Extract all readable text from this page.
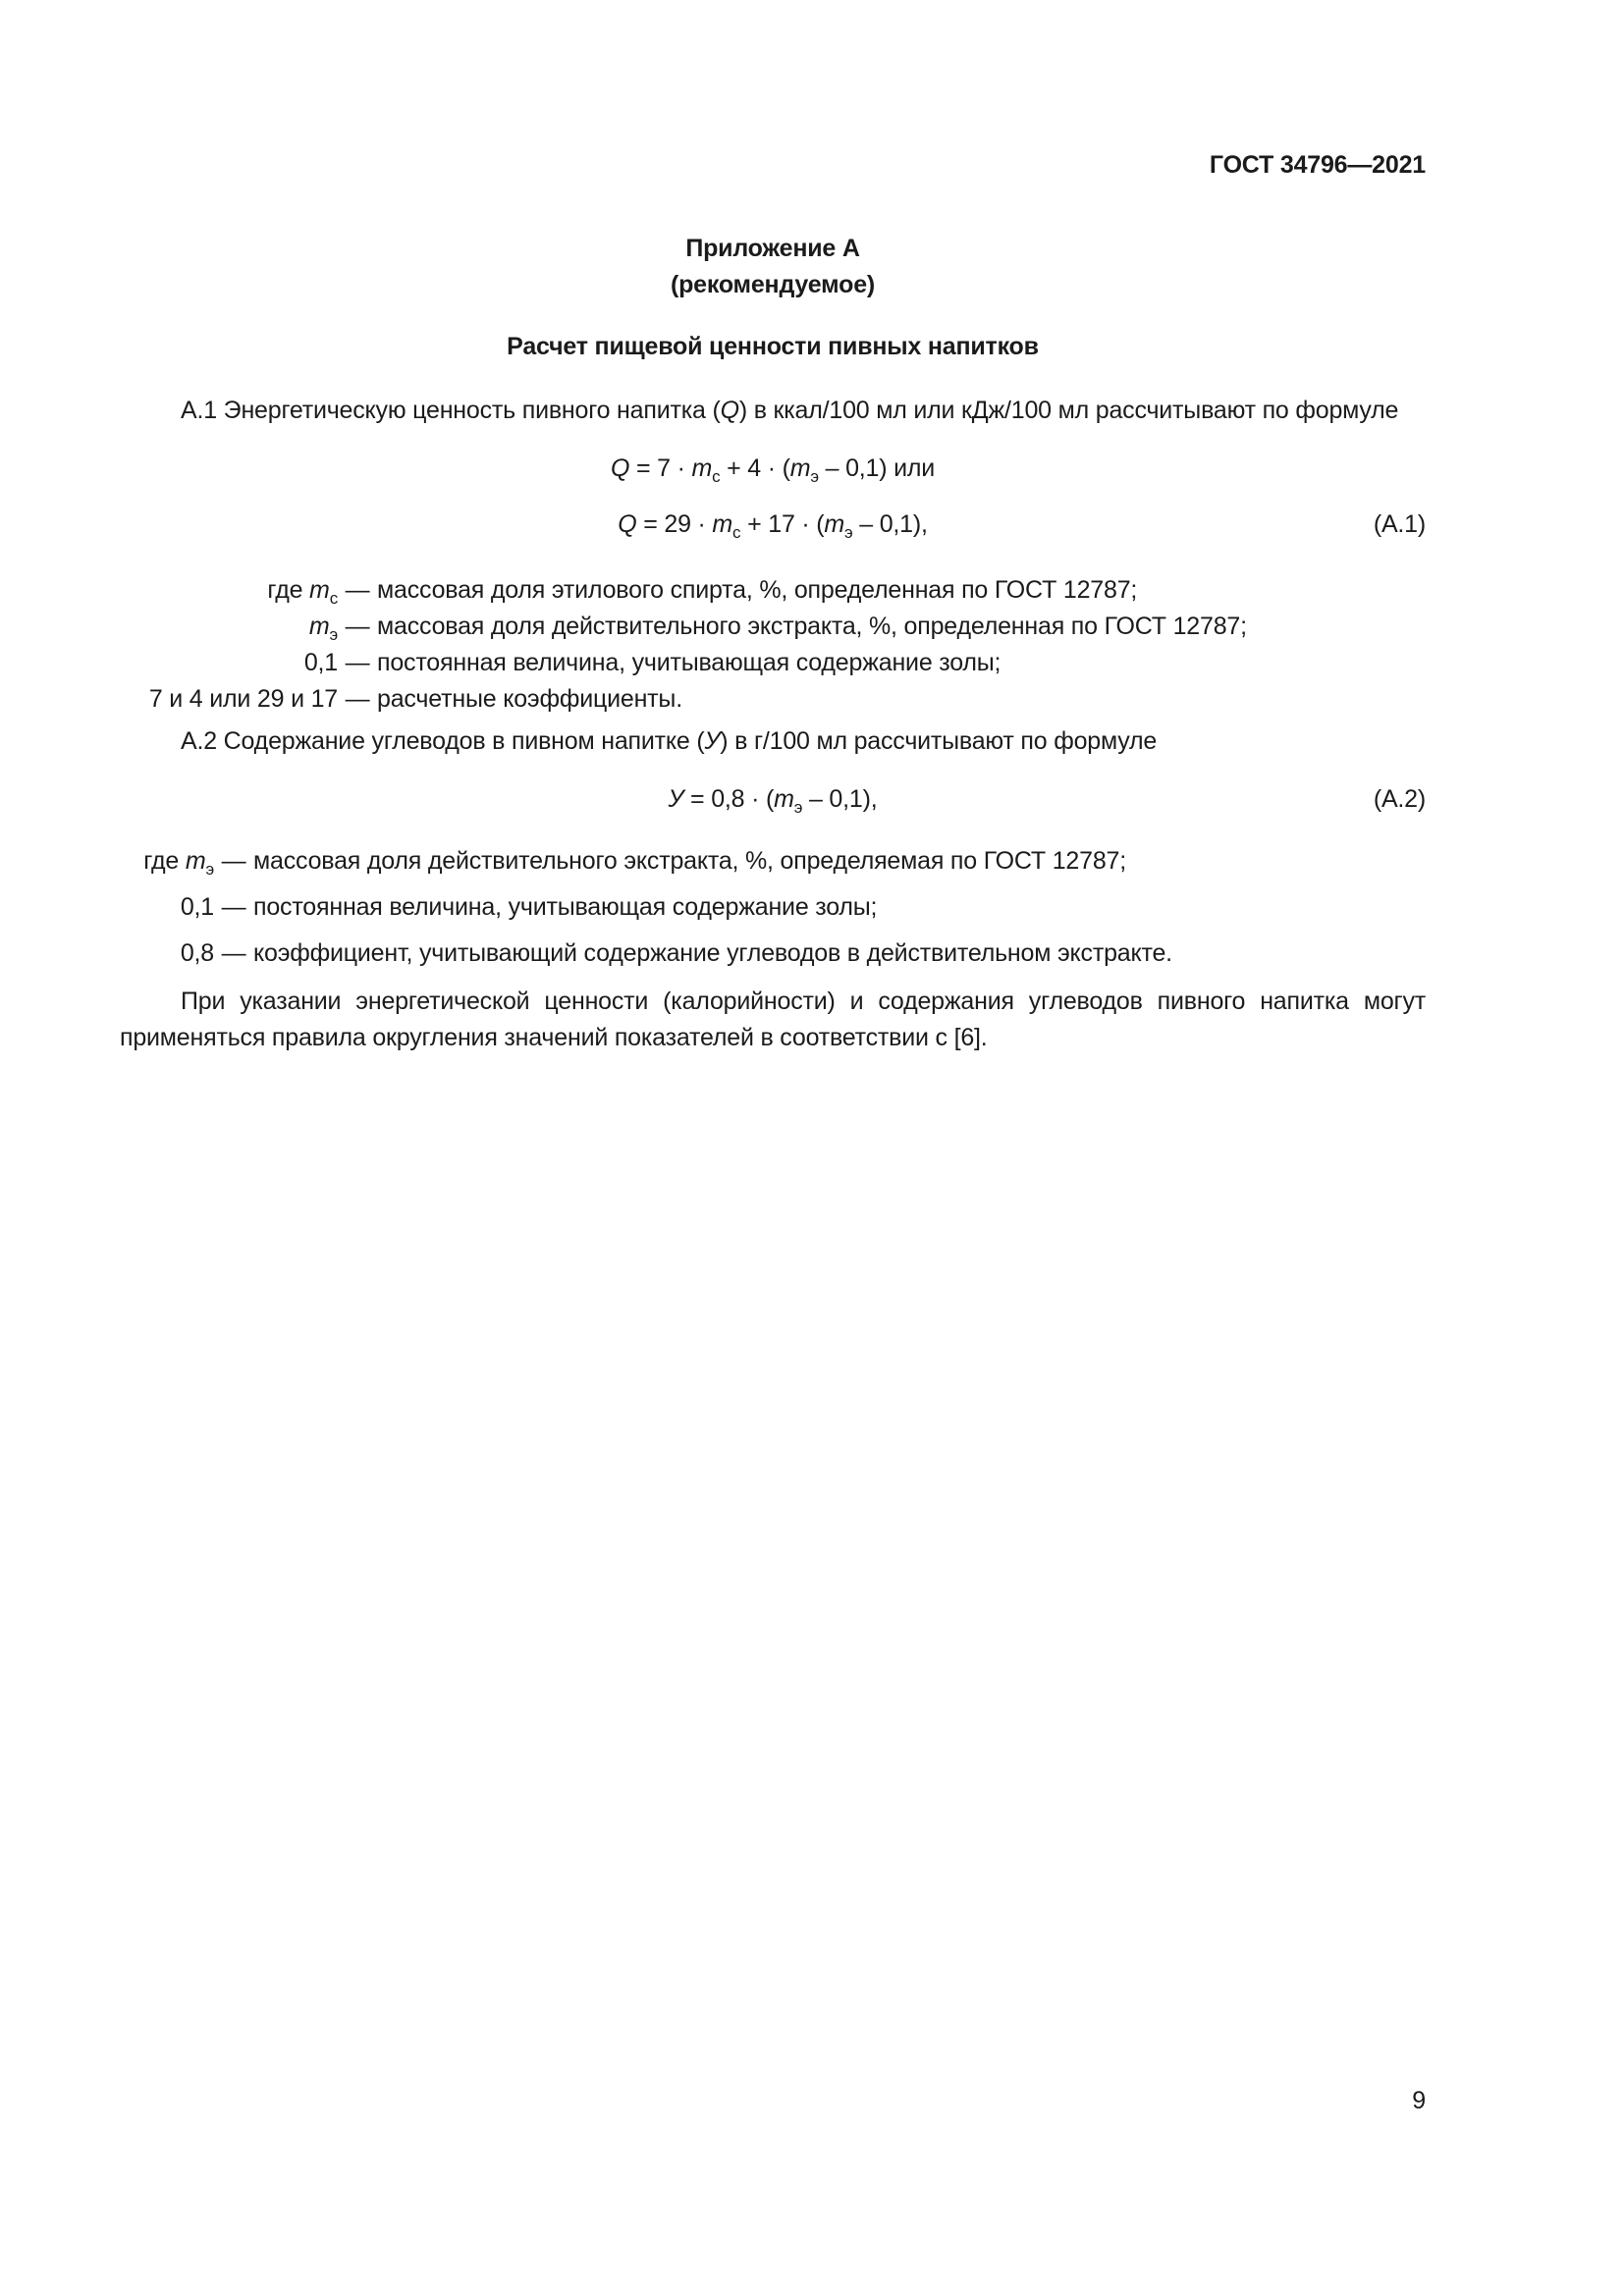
ГОСТ 34796—2021
Приложение А
(рекомендуемое)
Расчет пищевой ценности пивных напитков

А.1 Энергетическую ценность пивного напитка (Q) в ккал/100 мл или кДж/100 мл рассчитывают по формуле

$Q = 7 \cdot m_с + 4 \cdot (m_э - 0,1)$ или
$Q = 29 \cdot m_с + 17 \cdot (m_э - 0,1)$,	(А.1)
где $m_с$ — массовая доля этилового спирта, %, определенная по ГОСТ 12787;
$m_э$ — массовая доля действительного экстракта, %, определенная по ГОСТ 12787;
0,1 — постоянная величина, учитывающая содержание золы;
7 и 4 или 29 и 17 — расчетные коэффициенты.

А.2 Содержание углеводов в пивном напитке (У) в г/100 мл рассчитывают по формуле

$У = 0,8 \cdot (m_э - 0,1)$,	(А.2)
где $m_э$ — массовая доля действительного экстракта, %, определяемая по ГОСТ 12787;
0,1 — постоянная величина, учитывающая содержание золы;
0,8 — коэффициент, учитывающий содержание углеводов в действительном экстракте.

При указании энергетической ценности (калорийности) и содержания углеводов пивного напитка могут применяться правила округления значений показателей в соответствии с [6].

9
